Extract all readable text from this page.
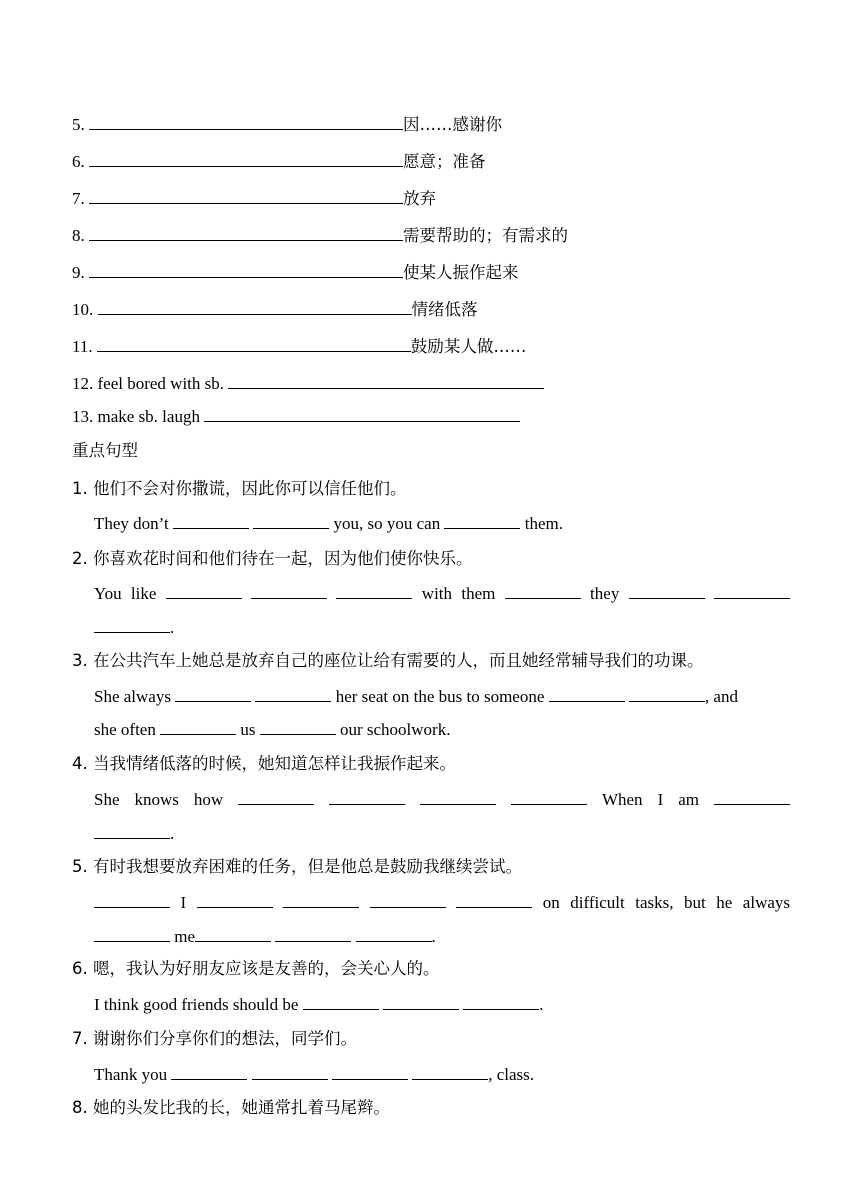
5.	因……感谢你
6.	愿意；准备
7.	放弃
8.	需要帮助的；有需求的
9.	使某人振作起来
10.	情绪低落
11.	鼓励某人做……
12. feel bored with sb.
13. make sb. laugh
重点句型
1. 他们不会对你撒谎，因此你可以信任他们。
They don’t	you, so you can	them.
2. 你喜欢花时间和他们待在一起，因为他们使你快乐。
You like	with them	they
.
3. 在公共汽车上她总是放弃自己的座位让给有需要的人，而且她经常辅导我们的功课。
She always	her seat on the bus to someone	, and
she often	us	our schoolwork.
4. 当我情绪低落的时候，她知道怎样让我振作起来。
She knows how	When I am
.
5. 有时我想要放弃困难的任务，但是他总是鼓励我继续尝试。
I	on difficult tasks, but he always
me	.
6. 嗯，我认为好朋友应该是友善的，会关心人的。
I think good friends should be	.
7. 谢谢你们分享你们的想法，同学们。
Thank you	, class.
8. 她的头发比我的长，她通常扎着马尾辫。
